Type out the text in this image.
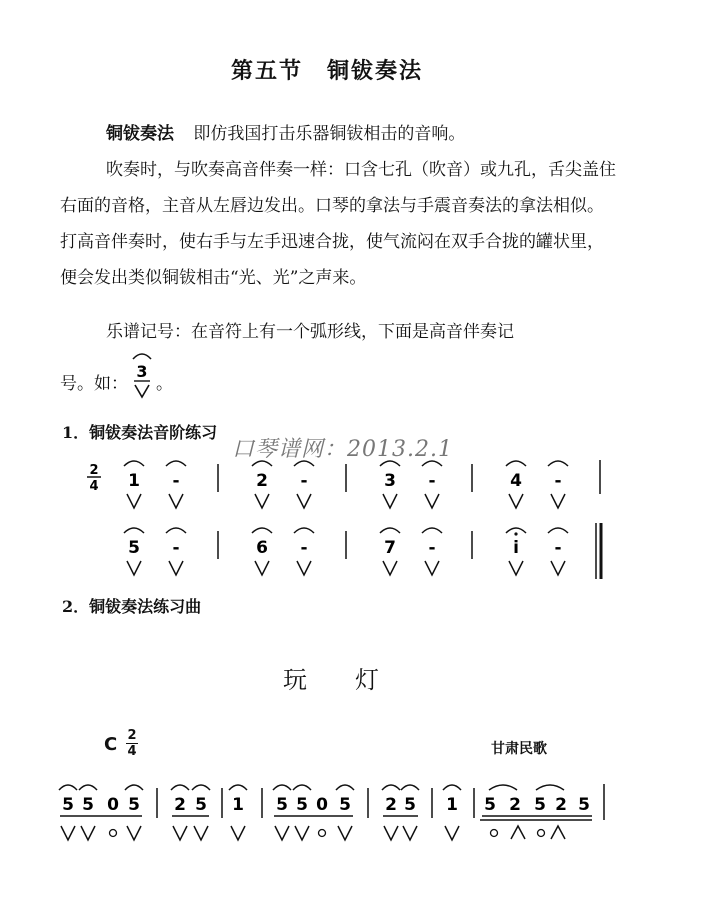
第五节　铜钹奏法
铜钹奏法 即仿我国打击乐器铜钹相击的音响。
吹奏时，与吹奏高音伴奏一样：口含七孔（吹音）或九孔，舌尖盖住右面的音格，主音从左唇边发出。口琴的拿法与手震音奏法的拿法相似。打高音伴奏时，使右手与左手迅速合拢，使气流闷在双手合拢的罐状里，便会发出类似铜钹相击“光、光”之声来。
乐谱记号：在音符上有一个弧形线，下面是高音伴奏记
号。如：
3
。
1．铜钹奏法音阶练习
口琴谱网：2013.2.1
2
4 1 -	2 -	3 -	4 -
5 -	6 -	7 -	i -
2．铜钹奏法练习曲
玩灯
C $\frac{2}{4}$	甘肃民歌
5 5 0 5 2 5 1 5 5 0 5 2 5 1 5 2 5 2 5
